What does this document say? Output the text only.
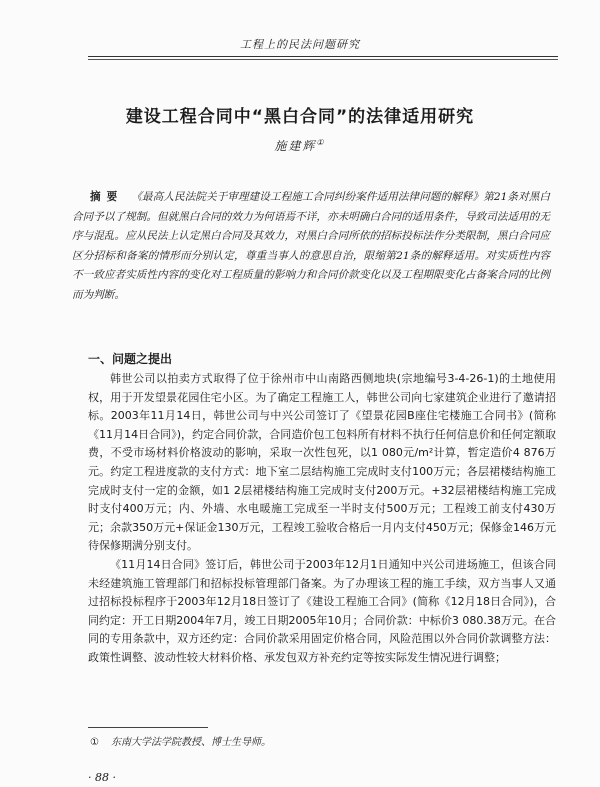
工程上的民法问题研究
建设工程合同中“黑白合同”的法律适用研究
施建辉①
摘要 《最高人民法院关于审理建设工程施工合同纠纷案件适用法律问题的解释》第21条对黑白合同予以了规制。但就黑白合同的效力为何语焉不详，亦未明确白合同的适用条件，导致司法适用的无序与混乱。应从民法上认定黑白合同及其效力，对黑白合同所依的招标投标法作分类限制，黑白合同应区分招标和备案的情形而分别认定，尊重当事人的意思自治，限缩第21条的解释适用。对实质性内容不一致应者实质性内容的变化对工程质量的影响力和合同价款变化以及工程期限变化占备案合同的比例而为判断。
一、问题之提出

韩世公司以拍卖方式取得了位于徐州市中山南路西侧地块(宗地编号3-4-26-1)的土地使用权，用于开发望景花园住宅小区。为了确定工程施工人，韩世公司向七家建筑企业进行了邀请招标。2003年11月14日，韩世公司与中兴公司签订了《望景花园B座住宅楼施工合同书》(简称《11月14日合同》)，约定合同价款，合同造价包工包料所有材料不执行任何信息价和任何定额取费，不受市场材料价格波动的影响，采取一次性包死，以1 080元/m²计算，暂定造价4 876万元。约定工程进度款的支付方式：地下室二层结构施工完成时支付100万元；各层裙楼结构施工完成时支付一定的金额，如1 2层裙楼结构施工完成时支付200万元。+32层裙楼结构施工完成时支付400万元；内、外墙、水电暖施工完成至一半时支付500万元；工程竣工前支付430万元；余款350万元+保证金130万元，工程竣工验收合格后一月内支付450万元；保修金146万元待保修期满分别支付。

《11月14日合同》签订后，韩世公司于2003年12月1日通知中兴公司进场施工，但该合同未经建筑施工管理部门和招标投标管理部门备案。为了办理该工程的施工手续，双方当事人又通过招标投标程序于2003年12月18日签订了《建设工程施工合同》(简称《12月18日合同》)，合同约定：开工日期2004年7月，竣工日期2005年10月；合同价款：中标价3 080.38万元。在合同的专用条款中，双方还约定：合同价款采用固定价格合同，风险范围以外合同价款调整方法：政策性调整、波动性较大材料价格、承发包双方补充约定等按实际发生情况进行调整；

① 东南大学法学院教授、博士生导师。
· 88 ·
